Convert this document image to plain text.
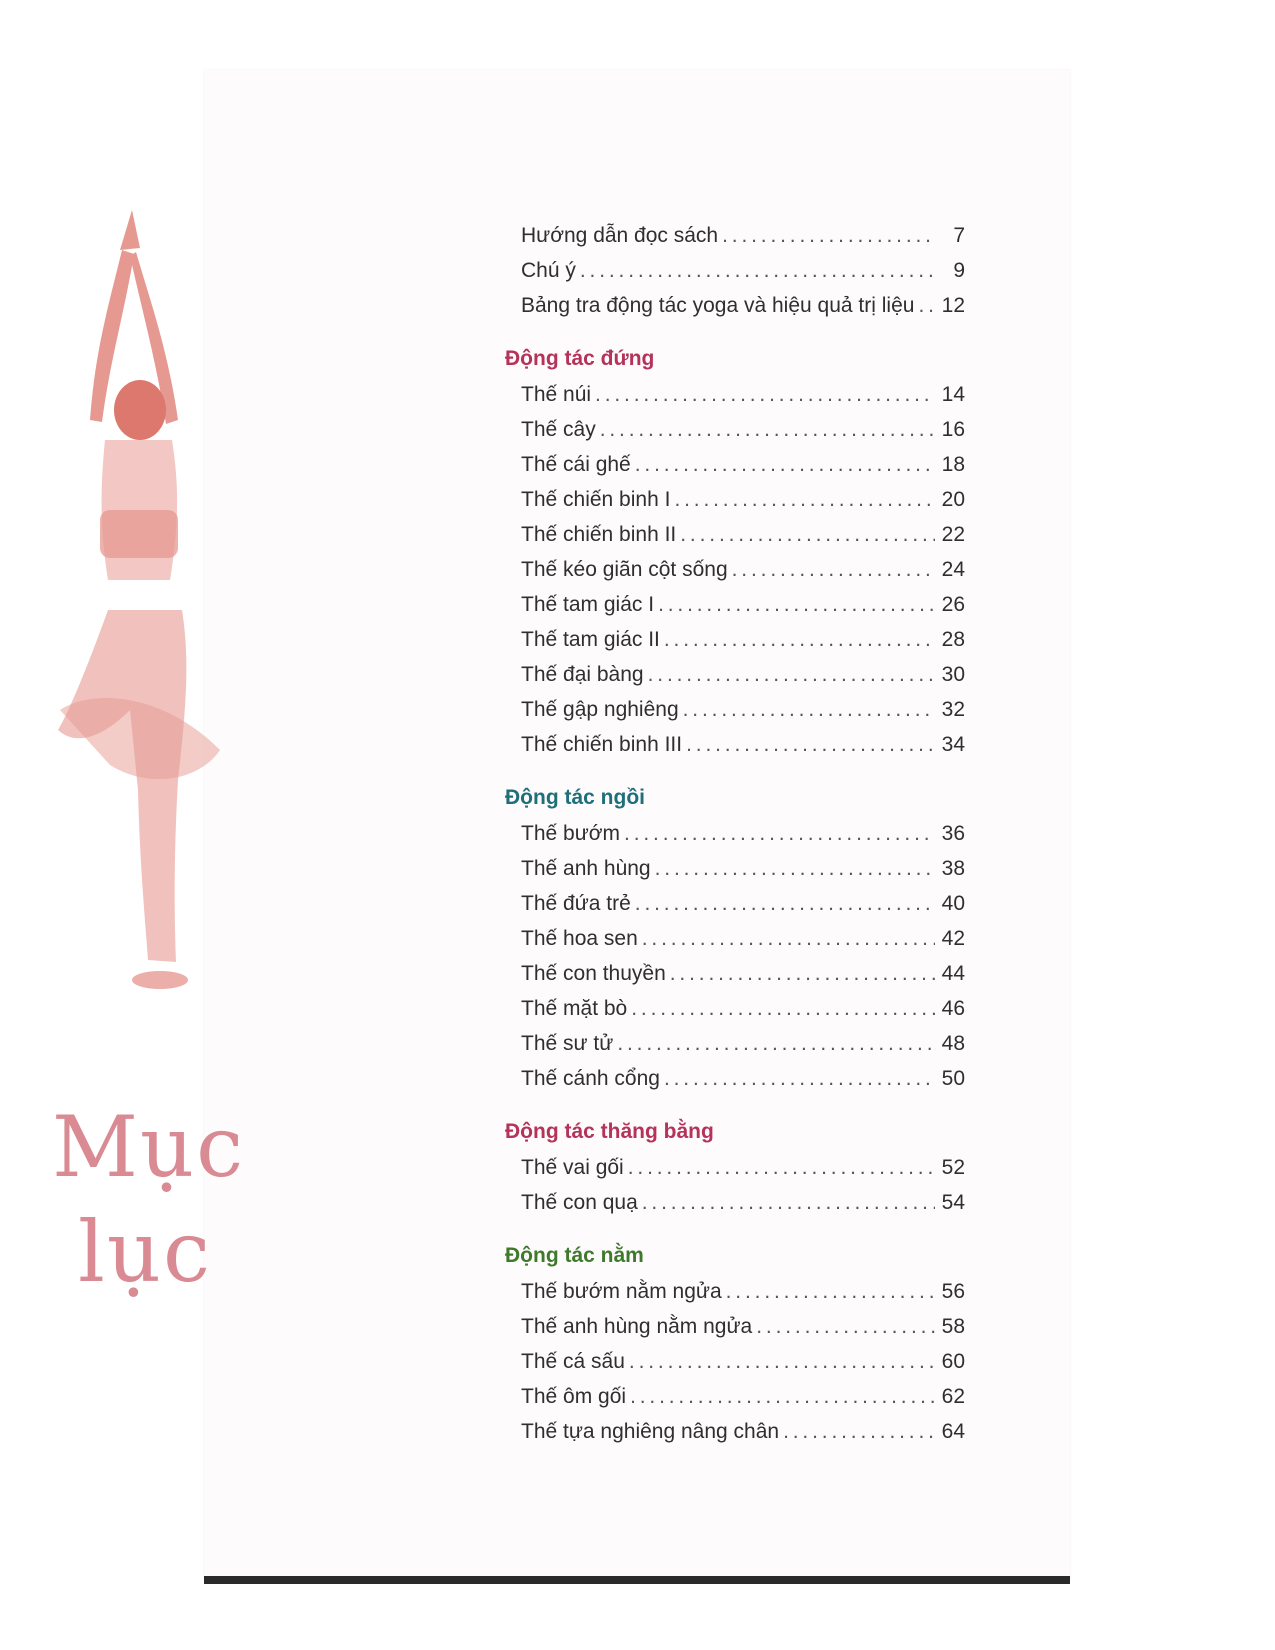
Mục
lục
Hướng dẫn đọc sách . . .	7
Chú ý . . .	9
Bảng tra động tác yoga và hiệu quả trị liệu . . . 12
Động tác đứng
Thế núi . . .	14
Thế cây . . .	16
Thế cái ghế . . .	18
Thế chiến binh I . . .	20
Thế chiến binh II . . .	22
Thế kéo giãn cột sống . . .	24
Thế tam giác I . . .	26
Thế tam giác II . . .	28
Thế đại bàng . . .	30
Thế gập nghiêng . . .	32
Thế chiến binh III . . .	34
Động tác ngồi
Thế bướm . . .	36
Thế anh hùng . . .	38
Thế đứa trẻ . . .	40
Thế hoa sen . . .	42
Thế con thuyền . . .	44
Thế mặt bò . . .	46
Thế sư tử . . .	48
Thế cánh cổng . . .	50
Động tác thăng bằng
Thế vai gối . . .	52
Thế con quạ . . .	54
Động tác nằm
Thế bướm nằm ngửa . . .	56
Thế anh hùng nằm ngửa . . .	58
Thế cá sấu . . .	60
Thế ôm gối . . .	62
Thế tựa nghiêng nâng chân . . .	64
